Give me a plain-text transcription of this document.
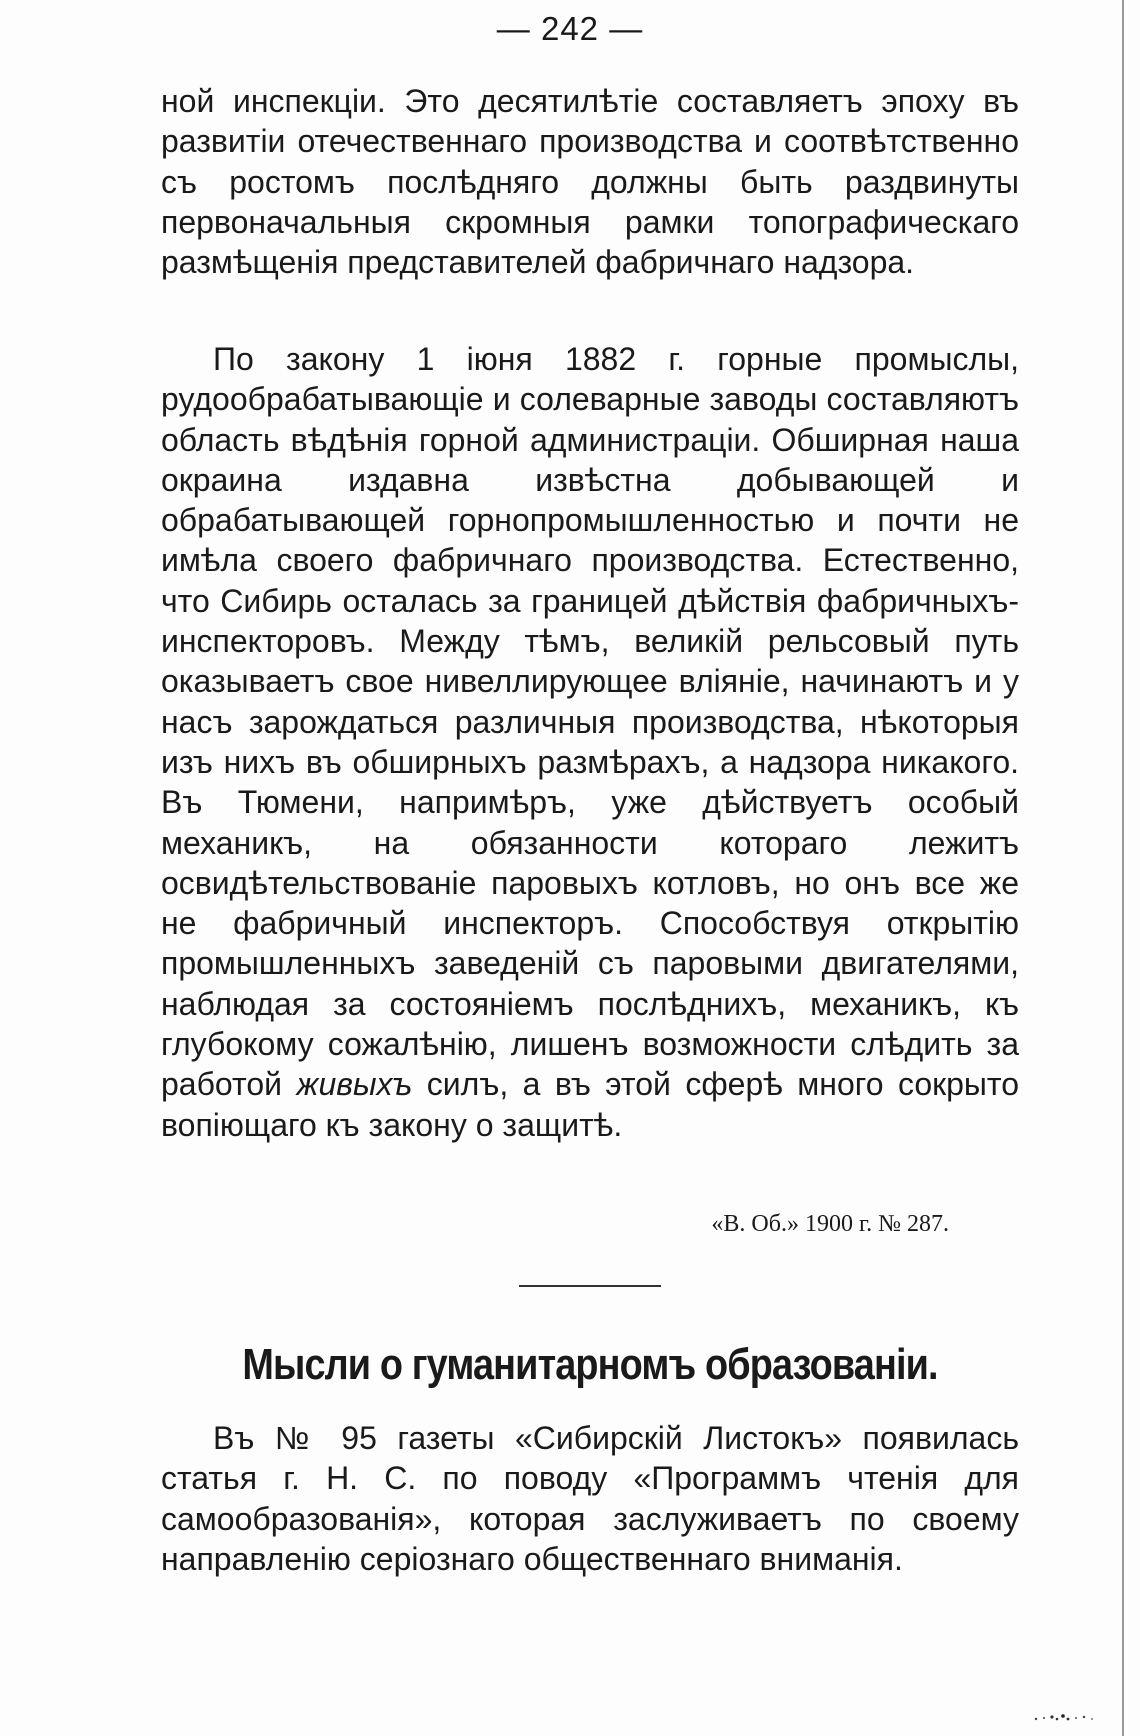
— 242 —

ной инспекціи. Это десятилѣтіе составляетъ эпоху въ развитіи отечественнаго производства и соотвѣтственно съ ростомъ послѣдняго должны быть раздвинуты первоначальныя скромныя рамки топографическаго размѣщенія представителей фабричнаго надзора.

По закону 1 іюня 1882 г. горные промыслы, рудообрабатывающіе и солеварные заводы составляютъ область вѣдѣнія горной администраціи. Обширная наша окраина издавна извѣстна добывающей и обрабатывающей горнопромышленностью и почти не имѣла своего фабричнаго производства. Естественно, что Сибирь осталась за границей дѣйствія фабричныхъ-инспекторовъ. Между тѣмъ, великій рельсовый путь оказываетъ свое нивеллирующее вліяніе, начинаютъ и у насъ зарождаться различныя производства, нѣкоторыя изъ нихъ въ обширныхъ размѣрахъ, а надзора никакого. Въ Тюмени, напримѣръ, уже дѣйствуетъ особый механикъ, на обязанности котораго лежитъ освидѣтельствованіе паровыхъ котловъ, но онъ все же не фабричный инспекторъ. Способствуя открытію промышленныхъ заведеній съ паровыми двигателями, наблюдая за состояніемъ послѣднихъ, механикъ, къ глубокому сожалѣнію, лишенъ возможности слѣдить за работой живыхъ силъ, а въ этой сферѣ много сокрыто вопіющаго къ закону о защитѣ.

«В. Об.» 1900 г. № 287.
Мысли о гуманитарномъ образованіи.

Въ № 95 газеты «Сибирскій Листокъ» появилась статья г. Н. С. по поводу «Программъ чтенія для самообразованія», которая заслуживаетъ по своему направленію серіознаго общественнаго вниманія.
